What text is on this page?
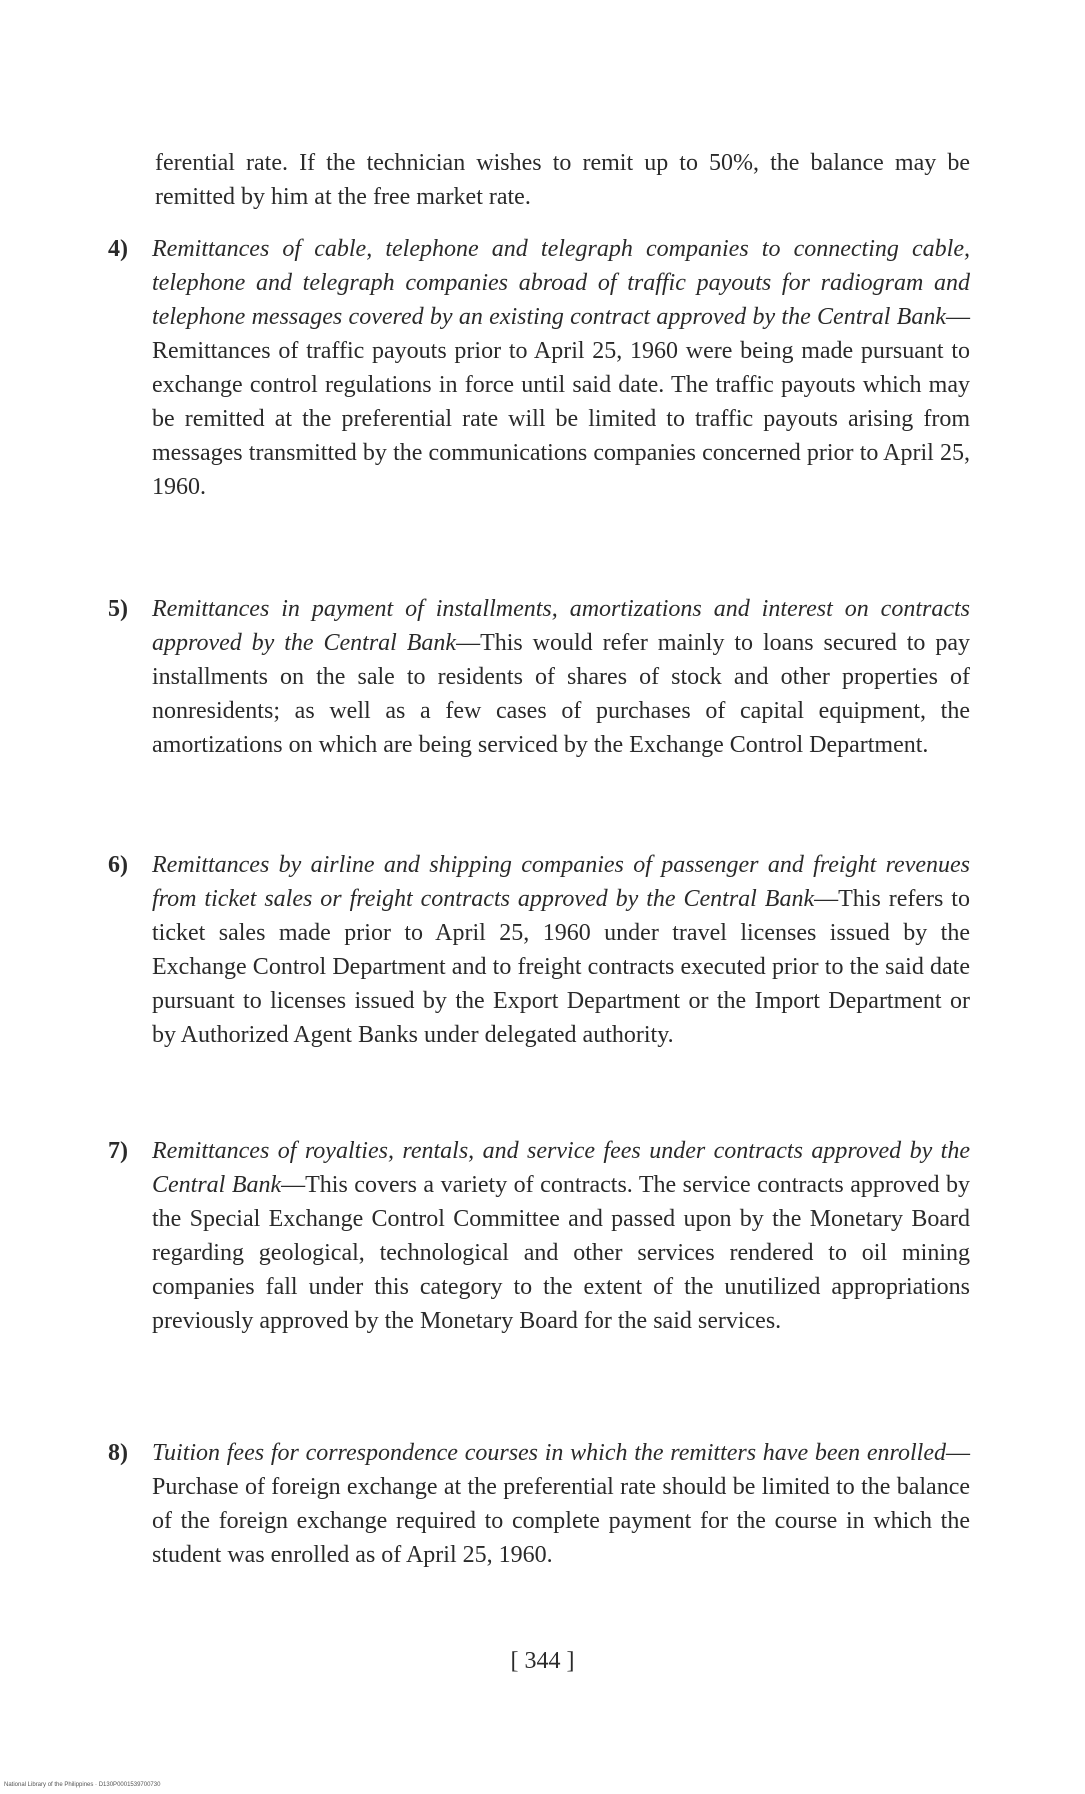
ferential rate. If the technician wishes to remit up to 50%, the balance may be remitted by him at the free market rate.

4)	Remittances of cable, telephone and telegraph companies to connecting cable, telephone and telegraph companies abroad of traffic payouts for radiogram and telephone messages covered by an existing contract approved by the Central Bank—Remittances of traffic payouts prior to April 25, 1960 were being made pursuant to exchange control regulations in force until said date. The traffic payouts which may be remitted at the preferential rate will be limited to traffic payouts arising from messages transmitted by the communications companies concerned prior to April 25, 1960.
5)	Remittances in payment of installments, amortizations and interest on contracts approved by the Central Bank—This would refer mainly to loans secured to pay installments on the sale to residents of shares of stock and other properties of nonresidents; as well as a few cases of purchases of capital equipment, the amortizations on which are being serviced by the Exchange Control Department.
6)	Remittances by airline and shipping companies of passenger and freight revenues from ticket sales or freight contracts approved by the Central Bank—This refers to ticket sales made prior to April 25, 1960 under travel licenses issued by the Exchange Control Department and to freight contracts executed prior to the said date pursuant to licenses issued by the Export Department or the Import Department or by Authorized Agent Banks under delegated authority.
7)	Remittances of royalties, rentals, and service fees under contracts approved by the Central Bank—This covers a variety of contracts. The service contracts approved by the Special Exchange Control Committee and passed upon by the Monetary Board regarding geological, technological and other services rendered to oil mining companies fall under this category to the extent of the unutilized appropriations previously approved by the Monetary Board for the said services.
8)	Tuition fees for correspondence courses in which the remitters have been enrolled—Purchase of foreign exchange at the preferential rate should be limited to the balance of the foreign exchange required to complete payment for the course in which the student was enrolled as of April 25, 1960.
[ 344 ]
National Library of the Philippines · D130P0001539700730
